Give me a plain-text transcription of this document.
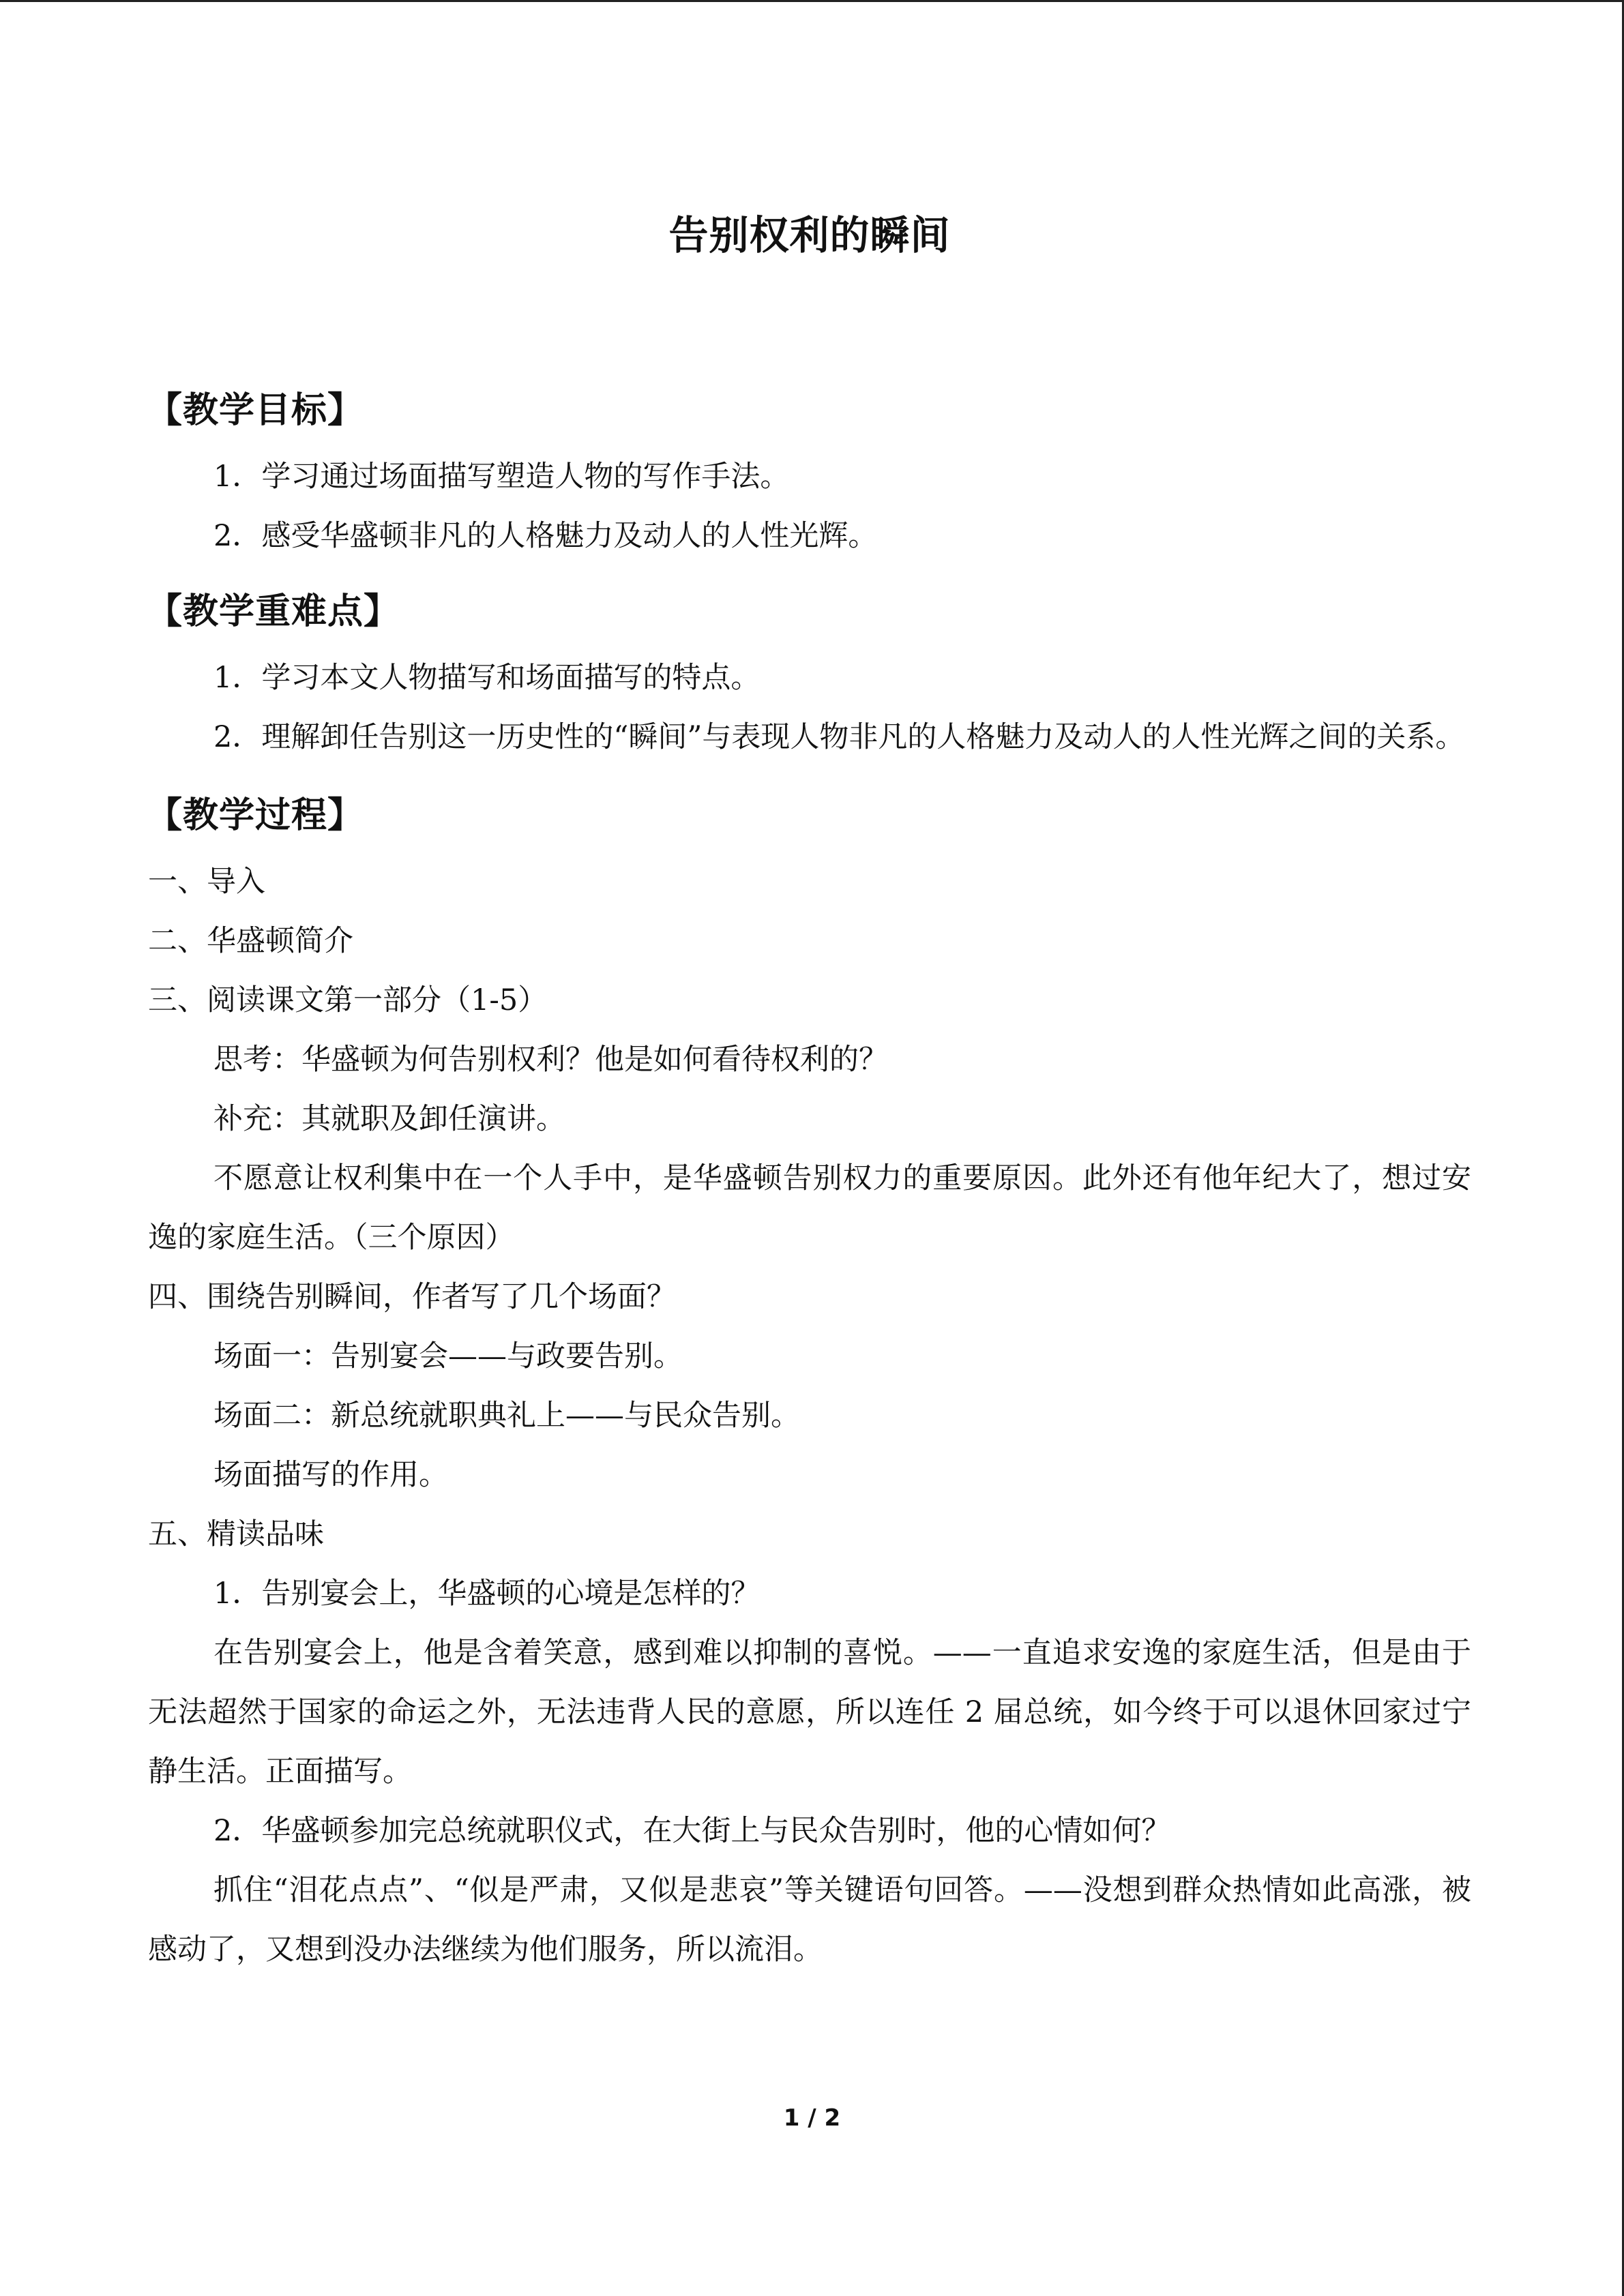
告别权利的瞬间
【教学目标】

1．学习通过场面描写塑造人物的写作手法。

2．感受华盛顿非凡的人格魅力及动人的人性光辉。

【教学重难点】

1．学习本文人物描写和场面描写的特点。

2．理解卸任告别这一历史性的“瞬间”与表现人物非凡的人格魅力及动人的人性光辉之间的关系。

【教学过程】

一、导入

二、华盛顿简介

三、阅读课文第一部分（1-5）

思考：华盛顿为何告别权利？他是如何看待权利的？

补充：其就职及卸任演讲。

不愿意让权利集中在一个人手中，是华盛顿告别权力的重要原因。此外还有他年纪大了，想过安逸的家庭生活。（三个原因）

四、围绕告别瞬间，作者写了几个场面？

场面一：告别宴会——与政要告别。

场面二：新总统就职典礼上——与民众告别。

场面描写的作用。

五、精读品味

1．告别宴会上，华盛顿的心境是怎样的？

在告别宴会上，他是含着笑意，感到难以抑制的喜悦。——一直追求安逸的家庭生活，但是由于无法超然于国家的命运之外，无法违背人民的意愿，所以连任 2 届总统，如今终于可以退休回家过宁静生活。正面描写。

2．华盛顿参加完总统就职仪式，在大街上与民众告别时，他的心情如何？

抓住“泪花点点”、“似是严肃，又似是悲哀”等关键语句回答。——没想到群众热情如此高涨，被感动了，又想到没办法继续为他们服务，所以流泪。

1 / 2
